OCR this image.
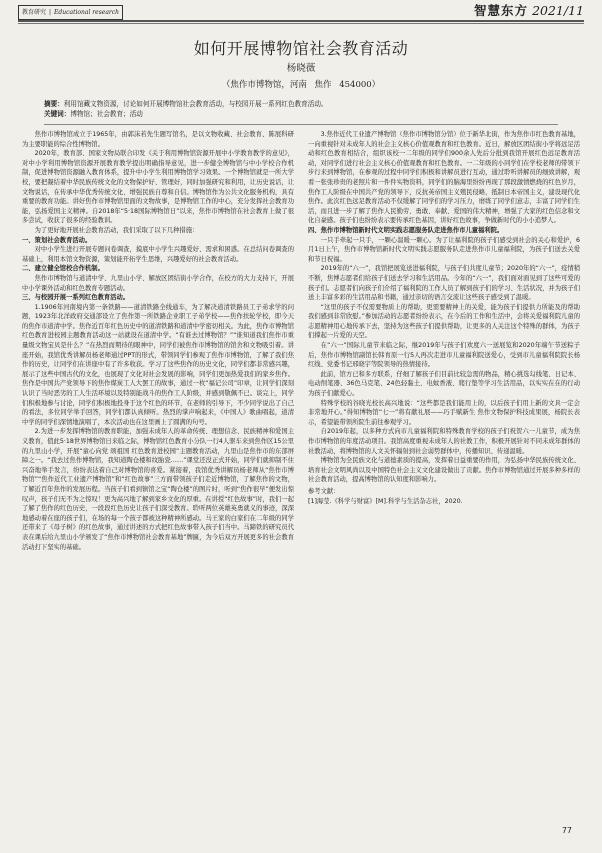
教育研究 | Educational research	智慧东方 2021/11
如何开展博物馆社会教育活动
杨晓薇
（焦作市博物馆，河南 焦作 454000）
摘要：利用馆藏文物资源，讨论如何开展博物馆社会教育活动，与校园开展一系列红色教育活动。
关键词：博物馆；社会教育；活动

焦作市博物馆成立于1965年，由郭沫若先生题写馆名，是以文物收藏、社会教育、陈展科研为主要职能的综合性博物馆。

2020年，教育部、国家文物局联合印发《关于利用博物馆资源开展中小学教育教学的意见》，对中小学利用博物馆资源开展教育教学提出明确指导意见，进一步健全博物馆与中小学校合作机制，促进博物馆资源融入教育体系，提升中小学生利用博物馆学习效果。一个博物馆就是一所大学校，要把凝结着中华民族传统文化的文物保护好、管理好，同时加强研究和利用，让历史说话，让文物说话，在传承中华优秀传统文化、增强民族自尊和自信。博物馆作为公共文化服务机构，具有重要的教育功能。讲好焦作市博物馆里面的文物故事，是博物馆工作的中心，充分发挥社会教育功能，弘扬爱国主义精神。自2018年“5·18国际博物馆日”以来，焦作市博物馆在社会教育上做了很多尝试，收获了很多的经验教训。

为了更好地开展社会教育活动，我们采取了以下几种措施：

一、策划社会教育活动。

对中小学生进行开展专题问卷调查，摸底中小学生兴趣爱好、需求和困惑。在总结问卷调查的基础上，利用本馆文物资源，策划能开拓学生思维，兴趣爱好的社会教育活动。

二、建立健全馆校合作机制。

焦作市博物馆与道清中学、九里山小学、解放区团结街小学合作，在校方的大力支持下，开展中小学课外活动和红色教育专题活动。

三、与校园开展一系列红色教育活动。

1.1906年河南境内第一条铁路——道清铁路全线通车，为了解决道清铁路员工子弟求学的问题，1923年北洋政府交通部设立了焦作第一所铁路企业职工子弟学校——焦作扶轮学校，即今天的焦作市道清中学。焦作近百年红色历史中的道清铁路和道清中学密切相关。为此，焦作市博物馆红色教育进校园主题教育活动这一站就设在道清中学。“有谁去过博物馆？”“谁知道我们焦作市重量级文物宝贝是什么？”在热烈而期待的眼神中，同学们被焦作市博物馆的馆舍和文物吸引着。讲座开始，我馆优秀讲解员杨老师通过PPT的形式，带领同学们参观了焦作市博物馆，了解了我们焦作的历史，让同学们在讲座中有了许多收获。学习了这些焦作的历史文化，同学们都非常感兴趣，展示了这些中国古代的文化，也展现了文化对社会发展的影响，同学们更加热爱我们的家乡焦作。焦作是中国共产党领导下的焦作煤炭工人大罢工的故事，通过一枚“福记公司”印章，让同学们深刻认识了当时恶劣的工人生活环境以及特别能战斗的焦作工人阶级，并感到敬佩不已。谈完上，同学们积极地参与讨论，同学们积极地投身于这个红色的环节，在老师的引导下，不少同学说出了自己的看法，多位同学举手回答，同学们都认真倾听。热烈的掌声响起来，《中国人》歌曲唱起，道清中学的同学们深情地演唱了，本次活动也在这里画上了圆满的句号。

2.为进一步发挥博物馆的教育职能，加强未成年人的革命传统、理想信念、民族精神和爱国主义教育，值此5·18世界博物馆日来临之际，博物馆红色教育小分队一行4人驱车来到焦作区15公里的九里山小学，开展“童心向党 颂祖国 红色教育进校园”主题教育活动，九里山是焦作市的东部屏障之一。“我去过焦作博物馆，我知道陶仓楼和纹胎瓷……”课堂还没正式开始，同学们就抑制不住兴奋地举手发言，纷纷表达着自己对博物馆的喜爱。紧接着，我馆优秀讲解员杨老师从“焦作市博物馆”“焦作近代工业遗产博物馆”和“红色故事”三方面带领孩子们走近博物馆，了解焦作的文物，了解近百年焦作的发展历程。当孩子们看到镇馆之宝“陶仓楼”的图片时，听到“焦作很早”便发出惊叹声，孩子们无不为之惊叹！更为高兴地了解到家乡文化的厚重。在讲授“红色故事”时，我们一起了解了焦作的红色历史，一段段红色历史让孩子们深受教育。聆听两位英雄英勇就义的事迹，深深地感动着在座的孩子们，在场的每一个孩子都被这种精神所感动。马王家的白家们在二年级的同学还带来了《母子树》的红色故事，通过讲述的方式把红色故事带入孩子们当中。马蹄铁的研究员代表在课后给九里山小学颁发了“焦作市博物馆社会教育基地”牌匾，为今后双方开展更多的社会教育活动打下坚实的基础。

3.焦作近代工业遗产博物馆（焦作市博物馆分馆）位于新华北街，作为焦作市红色教育基地，一向重视针对未成年人的社会主义核心价值观教育和红色教育。近日，解放区团结街小学将远足活动和红色教育相结合，组织该校一二年级的同学们900余人先后分批到我馆开展红色远足教育活动，对同学们进行社会主义核心价值观教育和红色教育。一二年级的小同学们在学校老师的带领下步行来到博物馆，在参观的过程中同学们积极和讲解员进行互动，通过聆听讲解员的细致讲解，观看一张张珍贵的老照片和一件件实物资料，同学们的脑海里纷纷再现了那段激情燃烧的红色岁月，焦作工人阶级在中国共产党的领导下，反抗英帝国主义殖民侵略，抵制日本帝国主义，建设现代化焦作。此次红色远足教育活动不仅缓解了同学们的学习压力，磨练了同学们意志，丰富了同学们生活，而且进一步了解了焦作人民勤劳、勇敢、奉献、爱国的伟大精神，增强了大家的红色信念和文化自豪感。孩子们也纷纷表示要传承红色基因，讲好红色故事，争做新时代的小小追梦人。

四、焦作市博物馆新时代文明实践志愿服务队走进焦作市儿童福利院。

一只手牵起一只手，一颗心温暖一颗心。为了让福利院的孩子们感受到社会的关心和爱护，6月1日上午，焦作市博物馆新时代文明实践志愿服务队走进焦作市儿童福利院，为孩子们送去关爱和节日祝福。

2019年的“六一”，我馆把展览送进福利院，与孩子们共度儿童节；2020年的“六一”，疫情稍不断，焦博志愿者们给孩子们送去学习和生活用品。今年的“六一”，我们面对面见到了这些可爱的孩子们。志愿者们向孩子们介绍了福利院的工作人员了解到孩子们的学习、生活状况，并为孩子们送上丰富多彩的生活用品和书籍，通过亲切的语言交流让这些孩子感受到了温暖。

“这里的孩子不仅需要物质上的帮助，更需要精神上的关爱，能为孩子们提供力所能及的帮助我们感到非常欣慰。”参加活动的志愿者纷纷表示，在今后的工作和生活中，会将关爱福利院儿童的志愿精神用心地传承下去，坚持为这些孩子们提供帮助，让更多的人关注这个特殊的群体，为孩子们撑起一片爱的天空。

在“六一”国际儿童节来临之际，继2019年与孩子们欢度六一送展览和2020年端午节送粽子后，焦作市博物馆副馆长韩育原一行5人再次走进市儿童福利院送爱心，受到市儿童福利院院长杨红线、党委书记邢晓宇等院领导的热情接待。

此前，馆方已和多方联系，仔细了解孩子们目前比较急需的物品，精心挑选勾线笔、日记本、电动削笔器、36色马克笔、24色轻黏土、电蚊香液、爬行垫等学习生活用品，以实实在在的行动为孩子们献爱心。

特殊学校的谷晓光校长高兴地说：“这些都是我们能用上的，以后孩子们用上新的文具一定会非常地开心。”得知博物馆“七一”将有献礼展——巧手赋新生 焦作文物保护科技成果展，杨院长表示，希望能带领所院生前往参观学习。

自2019年起，以多种方式向市儿童福利院和特殊教育学校的孩子们祝贺六一儿童节，成为焦作市博物馆的年度活动项目。我馆高度重视未成年人的社教工作，积极开展针对不同未成年群体的社教活动，将博物馆的人文关怀辐射到社会弱势群体中，传播知识、传递温暖。

博物馆为全民族文化与道德素质的提高，发挥着日益重要的作用，为弘扬中华民族传统文化、培育社会文明风尚以及中国特色社会主义文化建设做出了贡献。焦作市博物馆通过开展多种多样的社会教育活动，提高博物馆的认知度和影响力。

参考文献：

[1]海莹.《科学与财富》[M].科学与生活杂志社，2020.

77
